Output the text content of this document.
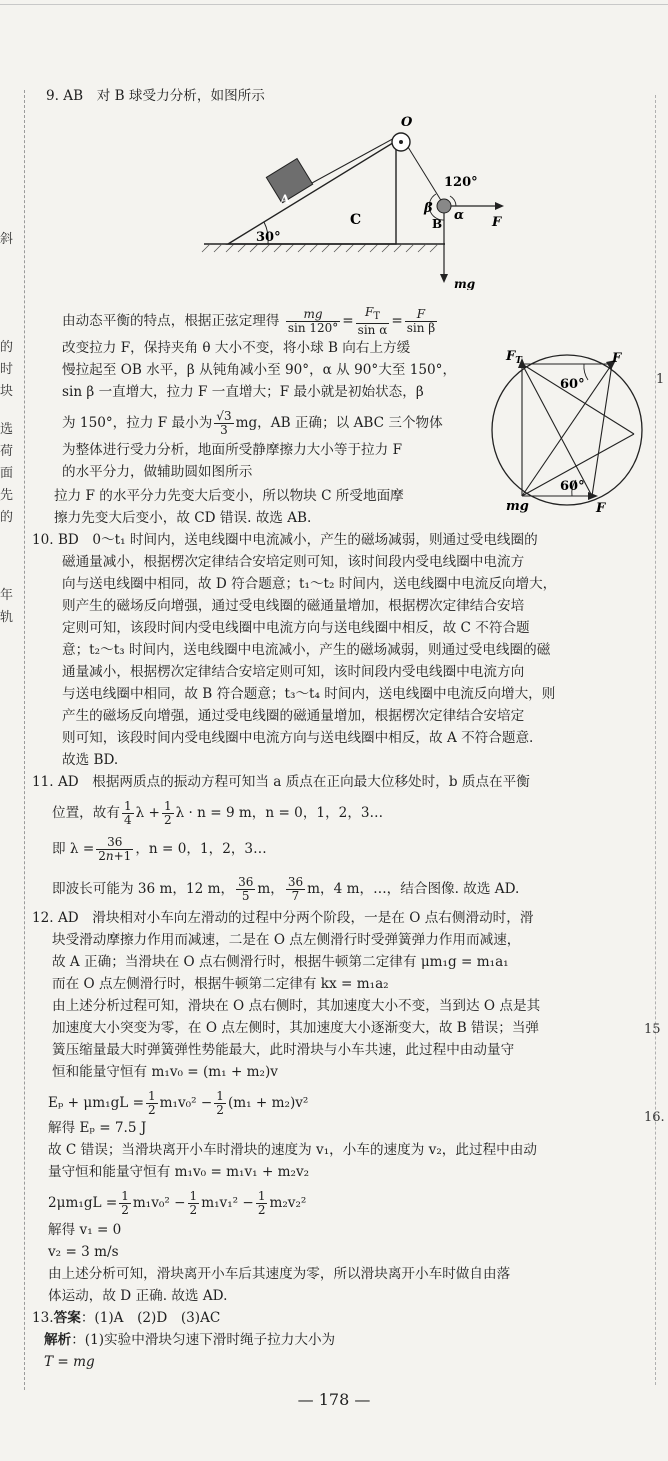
斜
的
时
块
选
荷
面
先
的
年
轨
1
15
16.
9. AB　对 B 球受力分析，如图所示
30°
A
O
B	F
mg
β α
120°
C
由动态平衡的特点，根据正弦定理得 $\frac{mg}{\sin 120^\circ} = \frac{F_T}{\text{sin α}} = \frac{F}{\text{sin β}}$
改变拉力 F，保持夹角 θ 大小不变，将小球 B 向右上方缓
慢拉起至 OB 水平，β 从钝角减小至 90°，α 从 90°大至 150°，
sin β 一直增大，拉力 F 一直增大；F 最小就是初始状态，β
为 150°，拉力 F 最小为 $\frac{√3}{3}$ mg，AB 正确；以 ABC 三个物体
为整体进行受力分析，地面所受静摩擦力大小等于拉力 F
的水平分力，做辅助圆如图所示
拉力 F 的水平分力先变大后变小，所以物块 C 所受地面摩
擦力先变大后变小，故 CD 错误. 故选 AB.
$F_T$	F
60°
mg
60°
F
10. BD　0～t₁ 时间内，送电线圈中电流减小，产生的磁场减弱，则通过受电线圈的
磁通量减小，根据楞次定律结合安培定则可知，该时间段内受电线圈中电流方
向与送电线圈中相同，故 D 符合题意；t₁～t₂ 时间内，送电线圈中电流反向增大，
则产生的磁场反向增强，通过受电线圈的磁通量增加，根据楞次定律结合安培
定则可知，该段时间内受电线圈中电流方向与送电线圈中相反，故 C 不符合题
意；t₂～t₃ 时间内，送电线圈中电流减小，产生的磁场减弱，则通过受电线圈的磁
通量减小，根据楞次定律结合安培定则可知，该时间段内受电线圈中电流方向
与送电线圈中相同，故 B 符合题意；t₃～t₄ 时间内，送电线圈中电流反向增大，则
产生的磁场反向增强，通过受电线圈的磁通量增加，根据楞次定律结合安培定
则可知，该段时间内受电线圈中电流方向与送电线圈中相反，故 A 不符合题意.
故选 BD.
11. AD　根据两质点的振动方程可知当 a 质点在正向最大位移处时，b 质点在平衡
位置，故有 $\frac{1}{4}$ $\lambda + \frac{1}{2}$ λ · n = 9 m，n = 0，1，2，3…
即 $\lambda = \frac{36}{2n+1}$ ，n = 0，1，2，3…
即波长可能为 36 m，12 m， $\frac{36}{5}$ m， $\frac{36}{7}$ m，4 m，…，结合图像. 故选 AD.
12. AD　滑块相对小车向左滑动的过程中分两个阶段，一是在 O 点右侧滑动时，滑
块受滑动摩擦力作用而减速，二是在 O 点左侧滑行时受弹簧弹力作用而减速，
故 A 正确；当滑块在 O 点右侧滑行时，根据牛顿第二定律有 μm₁g = m₁a₁
而在 O 点左侧滑行时，根据牛顿第二定律有 kx = m₁a₂
由上述分析过程可知，滑块在 O 点右侧时，其加速度大小不变，当到达 O 点是其
加速度大小突变为零，在 O 点左侧时，其加速度大小逐渐变大，故 B 错误；当弹
簧压缩量最大时弹簧弹性势能最大，此时滑块与小车共速，此过程中由动量守
恒和能量守恒有 m₁v₀ = (m₁ + m₂)v
$E_p + \mu m_1gL = \frac{1}{2} m_1v_0^2 - \frac{1}{2} (m_1 + m_2)v^2$
解得 Eₚ = 7.5 J
故 C 错误；当滑块离开小车时滑块的速度为 v₁，小车的速度为 v₂，此过程中由动
量守恒和能量守恒有 m₁v₀ = m₁v₁ + m₂v₂
$2\mu m_1gL = \frac{1}{2} m_1v_0^2 - \frac{1}{2} m_1v_1^2 - \frac{1}{2} m_2v_2^2$
解得 v₁ = 0
v₂ = 3 m/s
由上述分析可知，滑块离开小车后其速度为零，所以滑块离开小车时做自由落
体运动，故 D 正确. 故选 AD.
13.答案：(1)A　(2)D　(3)AC
解析：(1)实验中滑块匀速下滑时绳子拉力大小为
T = mg
— 178 —
